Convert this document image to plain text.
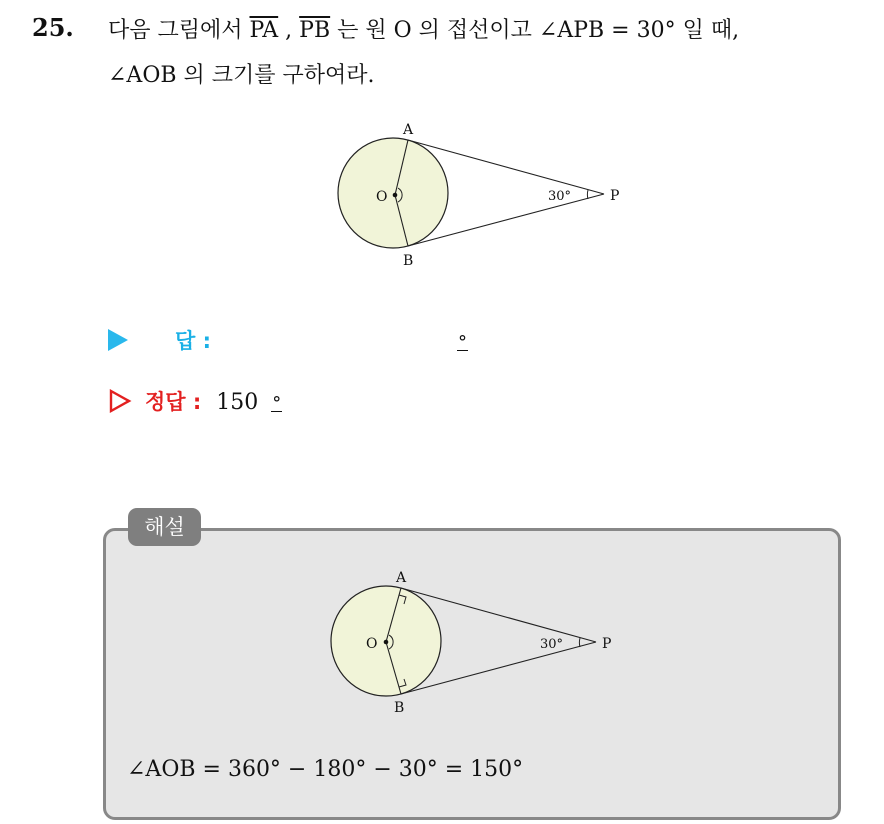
25. 다음 그림에서 $\overline{PA}$ , $\overline{PB}$ 는 원 O 의 접선이고 ∠APB = 30° 일 때,
∠AOB 의 크기를 구하여라.
A
B
O	P
30°
답 :	°
정답 : 150 °
해설
A
B
O	P
30°
∠AOB = 360° − 180° − 30° = 150°
